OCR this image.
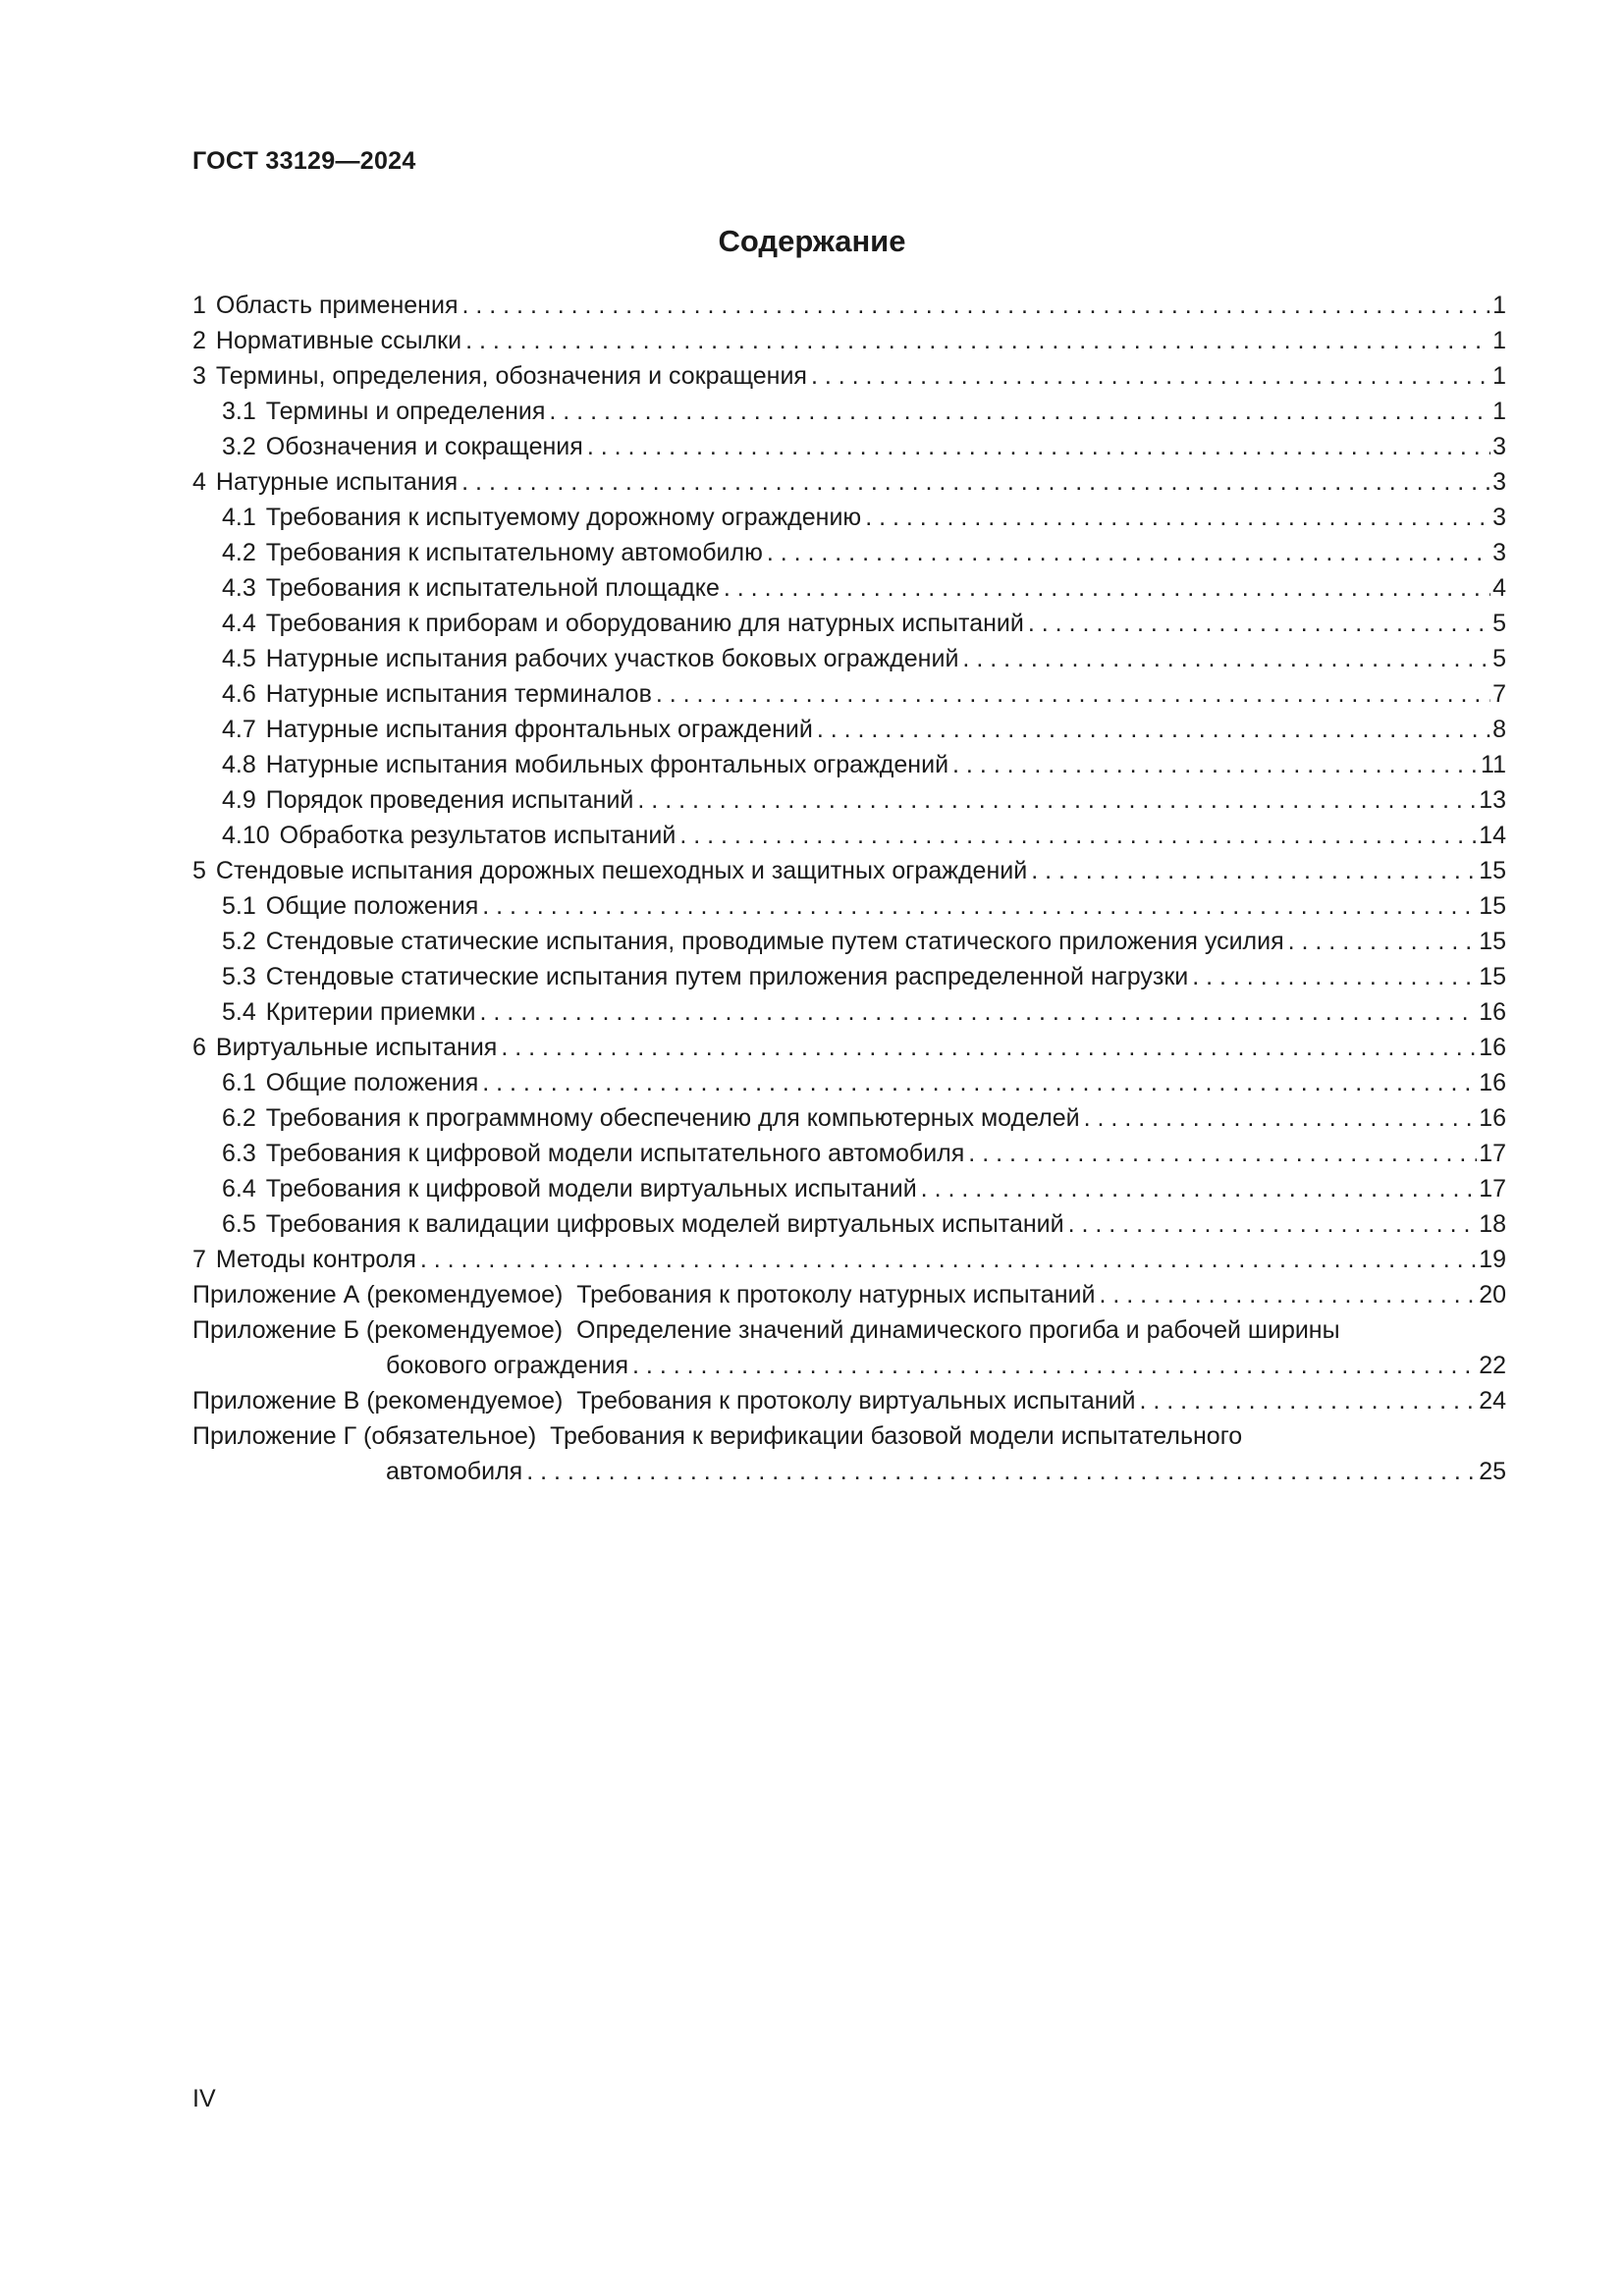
ГОСТ 33129—2024
Содержание
1 Область применения . . .	1
2 Нормативные ссылки . . .	1
3 Термины, определения, обозначения и сокращения . . .	1
3.1 Термины и определения . . .	1
3.2 Обозначения и сокращения . . .	3
4 Натурные испытания . . .	3
4.1 Требования к испытуемому дорожному ограждению . . .	3
4.2 Требования к испытательному автомобилю . . .	3
4.3 Требования к испытательной площадке . . .	4
4.4 Требования к приборам и оборудованию для натурных испытаний . . .	5
4.5 Натурные испытания рабочих участков боковых ограждений . . .	5
4.6 Натурные испытания терминалов . . .	7
4.7 Натурные испытания фронтальных ограждений . . .	8
4.8 Натурные испытания мобильных фронтальных ограждений . . .	11
4.9 Порядок проведения испытаний . . .	13
4.10 Обработка результатов испытаний . . .	14
5 Стендовые испытания дорожных пешеходных и защитных ограждений . . .	15
5.1 Общие положения . . .	15
5.2 Стендовые статические испытания, проводимые путем статического приложения усилия . . .	15
5.3 Стендовые статические испытания путем приложения распределенной нагрузки . . .	15
5.4 Критерии приемки . . .	16
6 Виртуальные испытания . . .	16
6.1 Общие положения . . .	16
6.2 Требования к программному обеспечению для компьютерных моделей . . .	16
6.3 Требования к цифровой модели испытательного автомобиля . . .	17
6.4 Требования к цифровой модели виртуальных испытаний . . .	17
6.5 Требования к валидации цифровых моделей виртуальных испытаний . . .	18
7 Методы контроля . . .	19
Приложение А (рекомендуемое) Требования к протоколу натурных испытаний . . .	20
Приложение Б (рекомендуемое) Определение значений динамического прогиба и рабочей ширины
бокового ограждения . . .	22
Приложение В (рекомендуемое) Требования к протоколу виртуальных испытаний . . .	24
Приложение Г (обязательное) Требования к верификации базовой модели испытательного
автомобиля . . .	25
IV
